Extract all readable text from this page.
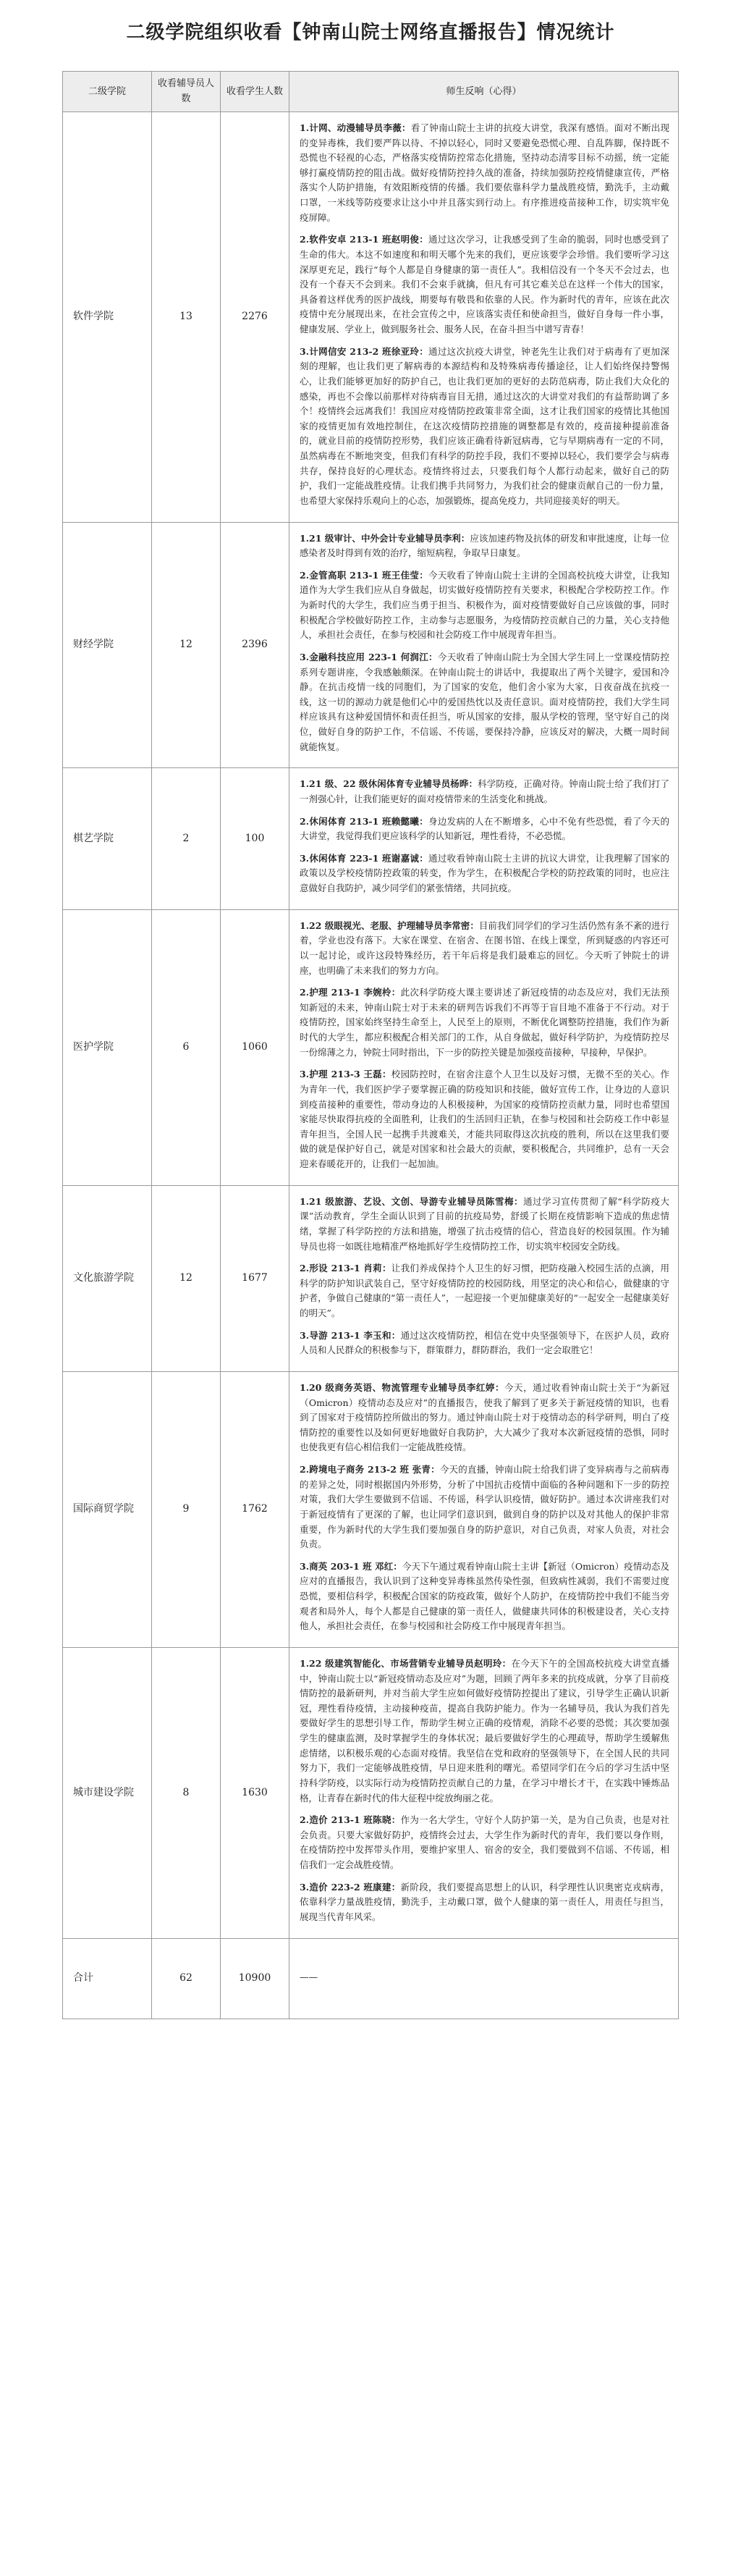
二级学院组织收看【钟南山院士网络直播报告】情况统计
二级学院	收看辅导员人数	收看学生人数	师生反响（心得）
软件学院	13	2276	1.计网、动漫辅导员李薇：看了钟南山院士主讲的抗疫大讲堂，我深有感悟。面对不断出现的变异毒株，我们要严阵以待、不掉以轻心，同时又要避免恐慌心理、自乱阵脚，保持既不恐慌也不轻视的心态，严格落实疫情防控常态化措施，坚持动态清零目标不动摇，统一定能够打赢疫情防控的阻击战。做好疫情防控持久战的准备，持续加强防控疫情健康宣传，严格落实个人防护措施，有效阻断疫情的传播。我们要依靠科学力量战胜疫情，勤洗手，主动戴口罩，一米线等防疫要求让这小中并且落实到行动上。有序推进疫苗接种工作，切实筑牢免疫屏障。

2.软件安卓 213-1 班赵明俊：通过这次学习，让我感受到了生命的脆弱，同时也感受到了生命的伟大。本这不如速度和和明天哪个先来的我们，更应该要学会珍惜。我们要听学习这深厚更充足，践行“每个人都是自身健康的第一责任人”。我相信没有一个冬天不会过去，也没有一个春天不会到来。我们不会束手就擒，但凡有可其它难关总在这样一个伟大的国家，具备着这样优秀的医护战线，期要每有敬畏和依靠的人民。作为新时代的青年，应该在此次疫情中充分展现出来，在社会宣传之中，应该落实责任和使命担当，做好自身每一件小事，健康发展、学业上，做到服务社会、服务人民，在奋斗担当中谱写青春！

3.计网信安 213-2 班徐亚玲：通过这次抗疫大讲堂，钟老先生让我们对于病毒有了更加深刻的理解，也让我们更了解病毒的本源结构和及特殊病毒传播途径，让人们始终保持警惕心，让我们能够更加好的防护自己，也让我们更加的更好的去防范病毒，防止我们大众化的感染，再也不会像以前那样对待病毒盲目无措，通过这次的大讲堂对我们的有益帮助调了多个！疫情终会远离我们！我国应对疫情防控政策非常全面，这才让我们国家的疫情比其他国家的疫情更加有效地控制住，在这次疫情防控措施的调整都是有效的，疫苗接种提前准备的，就业目前的疫情防控形势，我们应该正确看待新冠病毒，它与早期病毒有一定的不同，虽然病毒在不断地突变，但我们有科学的防控手段，我们不要掉以轻心，我们要学会与病毒共存，保持良好的心理状态。疫情终将过去，只要我们每个人都行动起来，做好自己的防护，我们一定能战胜疫情。让我们携手共同努力，为我们社会的健康贡献自己的一份力量，也希望大家保持乐观向上的心态，加强锻炼，提高免疫力，共同迎接美好的明天。

财经学院	12	2396	1.21 级审计、中外会计专业辅导员李利：应该加速药物及抗体的研发和审批速度，让每一位感染者及时得到有效的治疗，缩短病程，争取早日康复。

2.金管高职 213-1 班王佳莹：今天收看了钟南山院士主讲的全国高校抗疫大讲堂，让我知道作为大学生我们应从自身做起，切实做好疫情防控有关要求，积极配合学校防控工作。作为新时代的大学生，我们应当勇于担当、积极作为，面对疫情要做好自己应该做的事，同时积极配合学校做好防控工作，主动参与志愿服务，为疫情防控贡献自己的力量，关心支持他人，承担社会责任，在参与校园和社会防疫工作中展现青年担当。

3.金融科技应用 223-1 何润江：今天收看了钟南山院士为全国大学生同上一堂课疫情防控系列专题讲座，令我感触颇深。在钟南山院士的讲话中，我提取出了两个关键字，爱国和冷静。在抗击疫情一线的同胞们，为了国家的安危，他们舍小家为大家，日夜奋战在抗疫一线，这一切的源动力就是他们心中的爱国热忱以及责任意识。面对疫情防控，我们大学生同样应该具有这种爱国情怀和责任担当，听从国家的安排，服从学校的管理，坚守好自己的岗位，做好自身的防护工作，不信谣、不传谣，要保持冷静，应该反对的解决，大概一周时间就能恢复。

棋艺学院	2	100	1.21 级、22 级休闲体育专业辅导员杨晔：科学防疫，正确对待。钟南山院士给了我们打了一剂强心针，让我们能更好的面对疫情带来的生活变化和挑战。

2.休闲体育 213-1 班赖懿曦：身边发病的人在不断增多，心中不免有些恐慌，看了今天的大讲堂，我觉得我们更应该科学的认知新冠，理性看待，不必恐慌。

3.休闲体育 223-1 班谢嘉诚：通过收看钟南山院士主讲的抗议大讲堂，让我理解了国家的政策以及学校疫情防控政策的转变，作为学生，在积极配合学校的防控政策的同时，也应注意做好自我防护，减少同学们的紧张情绪，共同抗疫。

医护学院	6	1060	1.22 级眼视光、老服、护理辅导员李常密：目前我们同学们的学习生活仍然有条不紊的进行着，学业也没有落下。大家在课堂、在宿舍、在图书馆、在线上课堂，所到疑惑的内容还可以一起讨论，或许这段特殊经历，若干年后将是我们最难忘的回忆。今天听了钟院士的讲座，也明确了未来我们的努力方向。

2.护理 213-1 李婉柃：此次科学防疫大课主要讲述了新冠疫情的动态及应对，我们无法预知新冠的未来，钟南山院士对于未来的研判告诉我们不再等于盲目地不准备于不行动。对于疫情防控，国家始终坚持生命至上，人民至上的原则，不断优化调整防控措施，我们作为新时代的大学生，都应积极配合相关部门的工作，从自身做起，做好科学防护，为疫情防控尽一份绵薄之力，钟院士同时指出，下一步的防控关键是加强疫苗接种，早接种，早保护。

3.护理 213-3 王磊：校园防控时，在宿舍注意个人卫生以及好习惯，无微不至的关心。作为青年一代，我们医护学子要掌握正确的防疫知识和技能，做好宣传工作，让身边的人意识到疫苗接种的重要性，带动身边的人积极接种，为国家的疫情防控贡献力量，同时也希望国家能尽快取得抗疫的全面胜利，让我们的生活回归正轨，在参与校园和社会防疫工作中彰显青年担当，全国人民一起携手共渡难关，才能共同取得这次抗疫的胜利，所以在这里我们要做的就是保护好自己，就是对国家和社会最大的贡献，要积极配合，共同维护，总有一天会迎来春暖花开的，让我们一起加油。

文化旅游学院	12	1677	1.21 级旅游、艺设、文创、导游专业辅导员陈雪梅：通过学习宣传贯彻了解“科学防疫大课”活动教育，学生全面认识到了目前的抗疫局势，舒缓了长期在疫情影响下造成的焦虑情绪，掌握了科学防控的方法和措施，增强了抗击疫情的信心，营造良好的校园氛围。作为辅导员也将一如既往地精准严格地抓好学生疫情防控工作，切实筑牢校园安全防线。

2.形设 213-1 肖莉：让我们养成保持个人卫生的好习惯，把防疫融入校园生活的点滴，用科学的防护知识武装自己，坚守好疫情防控的校园防线，用坚定的决心和信心，做健康的守护者，争做自己健康的“第一责任人”，一起迎接一个更加健康美好的“一起安全一起健康美好的明天”。

3.导游 213-1 李玉和：通过这次疫情防控，相信在党中央坚强领导下，在医护人员，政府人员和人民群众的积极参与下，群策群力，群防群治，我们一定会取胜它！

国际商贸学院	9	1762	1.20 级商务英语、物流管理专业辅导员李红婷：今天，通过收看钟南山院士关于“为新冠（Omicron）疫情动态及应对”的直播报告，使我了解到了更多关于新冠疫情的知识，也看到了国家对于疫情防控所做出的努力。通过钟南山院士对于疫情动态的科学研判，明白了疫情防控的重要性以及如何更好地做好自我防护，大大减少了我对本次新冠疫情的恐惧，同时也使我更有信心相信我们一定能战胜疫情。

2.跨境电子商务 213-2 班 张青：今天的直播，钟南山院士给我们讲了变异病毒与之前病毒的差异之处，同时根据国内外形势，分析了中国抗击疫情中面临的各种问题和下一步的防控对策，我们大学生要做到不信谣、不传谣，科学认识疫情，做好防护。通过本次讲座我们对于新冠疫情有了更深的了解，也让同学们意识到，做到自身的防护以及对其他人的保护非常重要，作为新时代的大学生我们要加强自身的防护意识，对自己负责，对家人负责，对社会负责。

3.商英 203-1 班 邓红：今天下午通过观看钟南山院士主讲【新冠（Omicron）疫情动态及应对的直播报告，我认识到了这种变异毒株虽然传染性强，但致病性减弱，我们不需要过度恐慌，要相信科学，积极配合国家的防疫政策，做好个人防护，在疫情防控中我们不能当旁观者和局外人，每个人都是自己健康的第一责任人，做健康共同体的积极建设者，关心支持他人，承担社会责任，在参与校园和社会防疫工作中展现青年担当。

城市建设学院	8	1630	1.22 级建筑智能化、市场营销专业辅导员赵明玲：在今天下午的全国高校抗疫大讲堂直播中，钟南山院士以“新冠疫情动态及应对”为题，回顾了两年多来的抗疫成就，分享了目前疫情防控的最新研判，并对当前大学生应如何做好疫情防控提出了建议，引导学生正确认识新冠，理性看待疫情，主动接种疫苗，提高自我防护能力。作为一名辅导员，我认为我们首先要做好学生的思想引导工作，帮助学生树立正确的疫情观，消除不必要的恐慌；其次要加强学生的健康监测，及时掌握学生的身体状况；最后要做好学生的心理疏导，帮助学生缓解焦虑情绪，以积极乐观的心态面对疫情。我坚信在党和政府的坚强领导下，在全国人民的共同努力下，我们一定能够战胜疫情，早日迎来胜利的曙光。希望同学们在今后的学习生活中坚持科学防疫，以实际行动为疫情防控贡献自己的力量，在学习中增长才干，在实践中锤炼品格，让青春在新时代的伟大征程中绽放绚丽之花。

2.造价 213-1 班陈晓：作为一名大学生，守好个人防护第一关，是为自己负责，也是对社会负责。只要大家做好防护，疫情终会过去，大学生作为新时代的青年，我们要以身作则，在疫情防控中发挥带头作用，要维护家里人、宿舍的安全，我们要做到不信谣、不传谣，相信我们一定会战胜疫情。

3.造价 223-2 班康建：新阶段，我们要提高思想上的认识，科学理性认识奥密克戎病毒，依靠科学力量战胜疫情，勤洗手，主动戴口罩，做个人健康的第一责任人，用责任与担当，展现当代青年风采。

合计	62	10900	——
